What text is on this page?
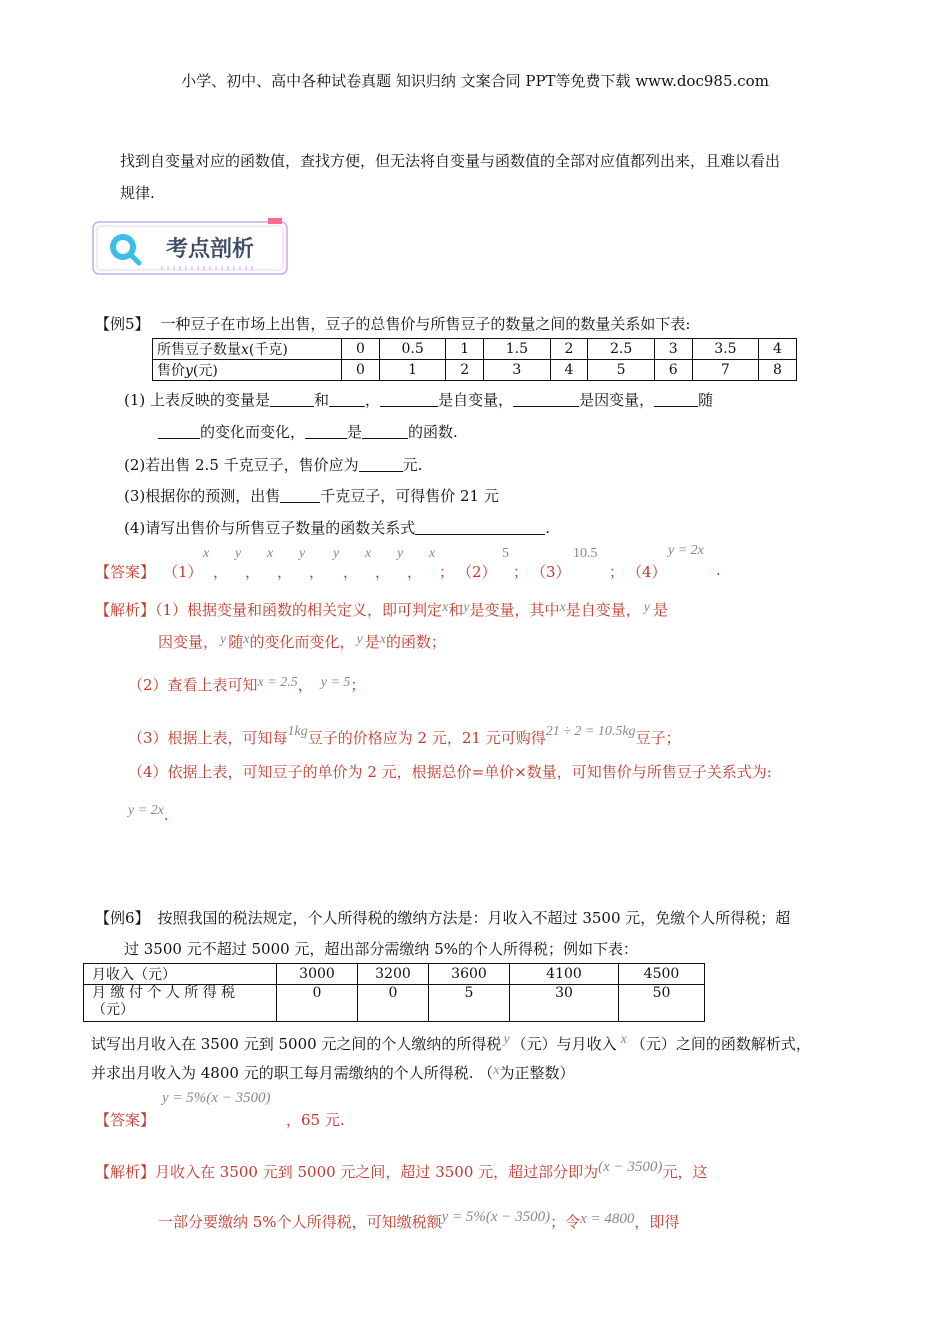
小学、初中、高中各种试卷真题 知识归纳 文案合同 PPT等免费下载 www.doc985.com
找到自变量对应的函数值，查找方便，但无法将自变量与函数值的全部对应值都列出来，且难以看出
规律.
考点剖析
【例5】 一种豆子在市场上出售，豆子的总售价与所售豆子的数量之间的数量关系如下表:
所售豆子数量x(千克)	0	0.5	1	1.5	2	2.5	3	3.5	4
售价y(元)	0	1	2	3	4	5	6	7	8
(1) 上表反映的变量是	和 ，	是自变量，	是因变量，	随
的变化而变化，	是	的函数.
(2)若出售 2.5 千克豆子，售价应为	元.
(3)根据你的预测，出售	千克豆子，可得售价 21 元
(4)请写出售价与所售豆子数量的函数关系式	.
【答案】 （1）
x
，
y
，
x
，
y
，
y
，
x
，
y
，
x
； （2）
5
； （3）
10.5
； （4）
y = 2x
.
【解析】（1）根据变量和函数的相关定义，即可判定x和y是变量，其中x是自变量， y 是
因变量， y 随x的变化而变化， y 是x的函数；
（2）查看上表可知x = 2.5， y = 5；
（3）根据上表，可知每1kg豆子的价格应为 2 元，21 元可购得21 ÷ 2 = 10.5kg豆子；
（4）依据上表，可知豆子的单价为 2 元，根据总价=单价×数量，可知售价与所售豆子关系式为:
y = 2x.
【例6】 按照我国的税法规定，个人所得税的缴纳方法是：月收入不超过 3500 元，免缴个人所得税；超
过 3500 元不超过 5000 元，超出部分需缴纳 5%的个人所得税；例如下表：
月收入（元）	3000	3200	3600	4100	4500

月 缴 付 个 人 所 得 税
（元）	0	0	5	30	50
试写出月收入在 3500 元到 5000 元之间的个人缴纳的所得税 y （元）与月收入 x （元）之间的函数解析式，
并求出月收入为 4800 元的职工每月需缴纳的个人所得税. （x为正整数）
【答案】
y = 5%(x − 3500)
，65 元.
【解析】月收入在 3500 元到 5000 元之间，超过 3500 元，超过部分即为(x − 3500)元，这
一部分要缴纳 5%个人所得税，可知缴税额y = 5%(x − 3500)；令x = 4800，即得
